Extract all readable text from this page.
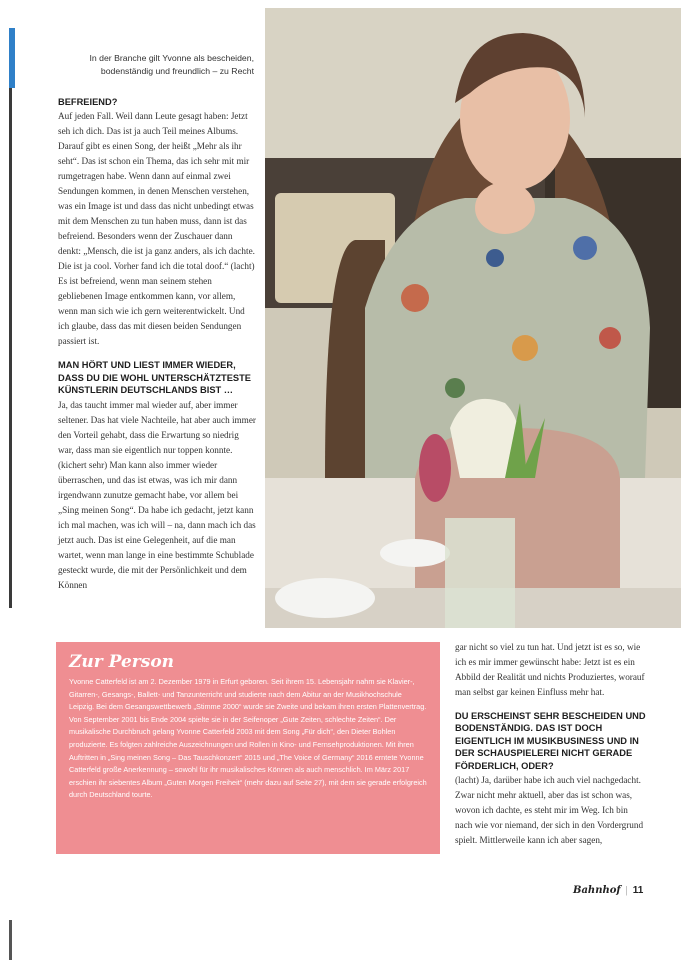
In der Branche gilt Yvonne als bescheiden, bodenständig und freundlich – zu Recht
BEFREIEND?

Auf jeden Fall. Weil dann Leute gesagt haben: Jetzt seh ich dich. Das ist ja auch Teil meines Albums. Darauf gibt es einen Song, der heißt „Mehr als ihr seht“. Das ist schon ein Thema, das ich sehr mit mir rumgetragen habe. Wenn dann auf einmal zwei Sendungen kommen, in denen Menschen verstehen, was ein Image ist und dass das nicht unbedingt etwas mit dem Menschen zu tun haben muss, dann ist das befreiend. Besonders wenn der Zuschauer dann denkt: „Mensch, die ist ja ganz anders, als ich dachte. Die ist ja cool. Vorher fand ich die total doof.“ (lacht) Es ist befreiend, wenn man seinem stehen gebliebenen Image entkommen kann, vor allem, wenn man sich wie ich gern weiterentwickelt. Und ich glaube, dass das mit diesen beiden Sendungen passiert ist.

MAN HÖRT UND LIEST IMMER WIEDER, DASS DU DIE WOHL UNTERSCHÄTZTESTE KÜNSTLERIN DEUTSCHLANDS BIST …

Ja, das taucht immer mal wieder auf, aber immer seltener. Das hat viele Nachteile, hat aber auch immer den Vorteil gehabt, dass die Erwartung so niedrig war, dass man sie eigentlich nur toppen konnte. (kichert sehr) Man kann also immer wieder überraschen, und das ist etwas, was ich mir dann irgendwann zunutze gemacht habe, vor allem bei „Sing meinen Song“. Da habe ich gedacht, jetzt kann ich mal machen, was ich will – na, dann mach ich das jetzt auch. Das ist eine Gelegenheit, auf die man wartet, wenn man lange in eine bestimmte Schublade gesteckt wurde, die mit der Persönlichkeit und dem Können

Zur Person

Yvonne Catterfeld ist am 2. Dezember 1979 in Erfurt geboren. Seit ihrem 15. Lebensjahr nahm sie Klavier-, Gitarren-, Gesangs-, Ballett- und Tanzunterricht und studierte nach dem Abitur an der Musikhochschule Leipzig. Bei dem Gesangswettbewerb „Stimme 2000“ wurde sie Zweite und bekam ihren ersten Plattenvertrag. Von September 2001 bis Ende 2004 spielte sie in der Seifenoper „Gute Zeiten, schlechte Zeiten“. Der musikalische Durchbruch gelang Yvonne Catterfeld 2003 mit dem Song „Für dich“, den Dieter Bohlen produzierte. Es folgten zahlreiche Auszeichnungen und Rollen in Kino- und Fernsehproduktionen. Mit ihren Auftritten in „Sing meinen Song – Das Tauschkonzert“ 2015 und „The Voice of Germany“ 2016 erntete Yvonne Catterfeld große Anerkennung – sowohl für ihr musikalisches Können als auch menschlich. Im März 2017 erschien ihr siebentes Album „Guten Morgen Freiheit“ (mehr dazu auf Seite 27), mit dem sie gerade erfolgreich durch Deutschland tourte.

gar nicht so viel zu tun hat. Und jetzt ist es so, wie ich es mir immer gewünscht habe: Jetzt ist es ein Abbild der Realität und nichts Produziertes, worauf man selbst gar keinen Einfluss mehr hat.

DU ERSCHEINST SEHR BESCHEIDEN UND BODENSTÄNDIG. DAS IST DOCH EIGENTLICH IM MUSIKBUSINESS UND IN DER SCHAUSPIELEREI NICHT GERADE FÖRDERLICH, ODER?

(lacht) Ja, darüber habe ich auch viel nachgedacht. Zwar nicht mehr aktuell, aber das ist schon was, wovon ich dachte, es steht mir im Weg. Ich bin nach wie vor niemand, der sich in den Vordergrund spielt. Mittlerweile kann ich aber sagen,

Bahnhof | 11
